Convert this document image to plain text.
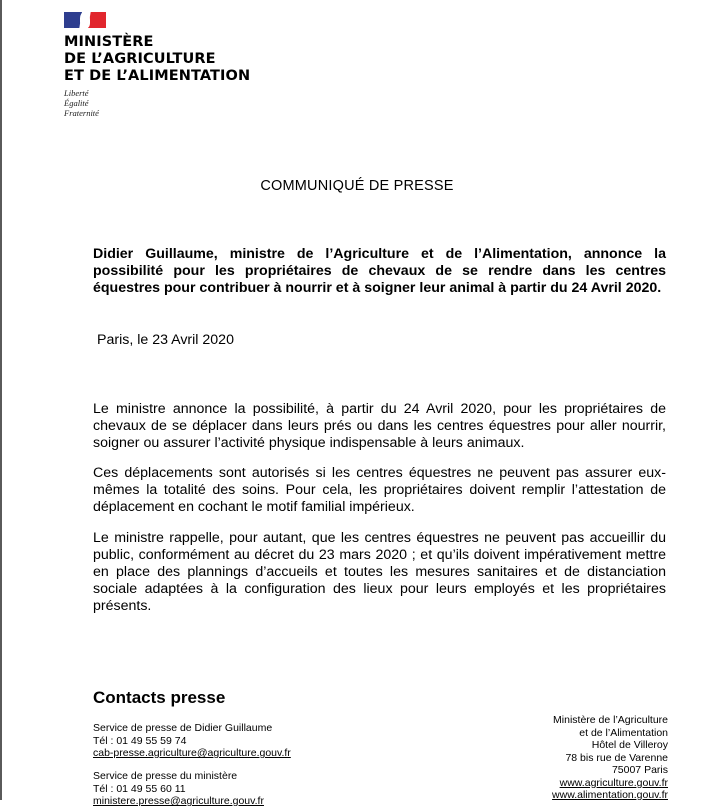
MINISTÈRE
DE L’AGRICULTURE
ET DE L’ALIMENTATION
Liberté
Égalité
Fraternité
COMMUNIQUÉ DE PRESSE
Didier Guillaume, ministre de l’Agriculture et de l’Alimentation, annonce la possibilité pour les propriétaires de chevaux de se rendre dans les centres équestres pour contribuer à nourrir et à soigner leur animal à partir du 24 Avril 2020.
Paris, le 23 Avril 2020

Le ministre annonce la possibilité, à partir du 24 Avril 2020, pour les propriétaires de chevaux de se déplacer dans leurs prés ou dans les centres équestres pour aller nourrir, soigner ou assurer l’activité physique indispensable à leurs animaux.

Ces déplacements sont autorisés si les centres équestres ne peuvent pas assurer eux-mêmes la totalité des soins. Pour cela, les propriétaires doivent remplir l’attestation de déplacement en cochant le motif familial impérieux.

Le ministre rappelle, pour autant, que les centres équestres ne peuvent pas accueillir du public, conformément au décret du 23 mars 2020 ; et qu’ils doivent impérativement mettre en place des plannings d’accueils et toutes les mesures sanitaires et de distanciation sociale adaptées à la configuration des lieux pour leurs employés et les propriétaires présents.

Contacts presse
Service de presse de Didier Guillaume
Tél : 01 49 55 59 74
cab-presse.agriculture@agriculture.gouv.fr
Service de presse du ministère
Tél : 01 49 55 60 11
ministere.presse@agriculture.gouv.fr
Ministère de l’Agriculture
et de l’Alimentation
Hôtel de Villeroy
78 bis rue de Varenne
75007 Paris
www.agriculture.gouv.fr
www.alimentation.gouv.fr
